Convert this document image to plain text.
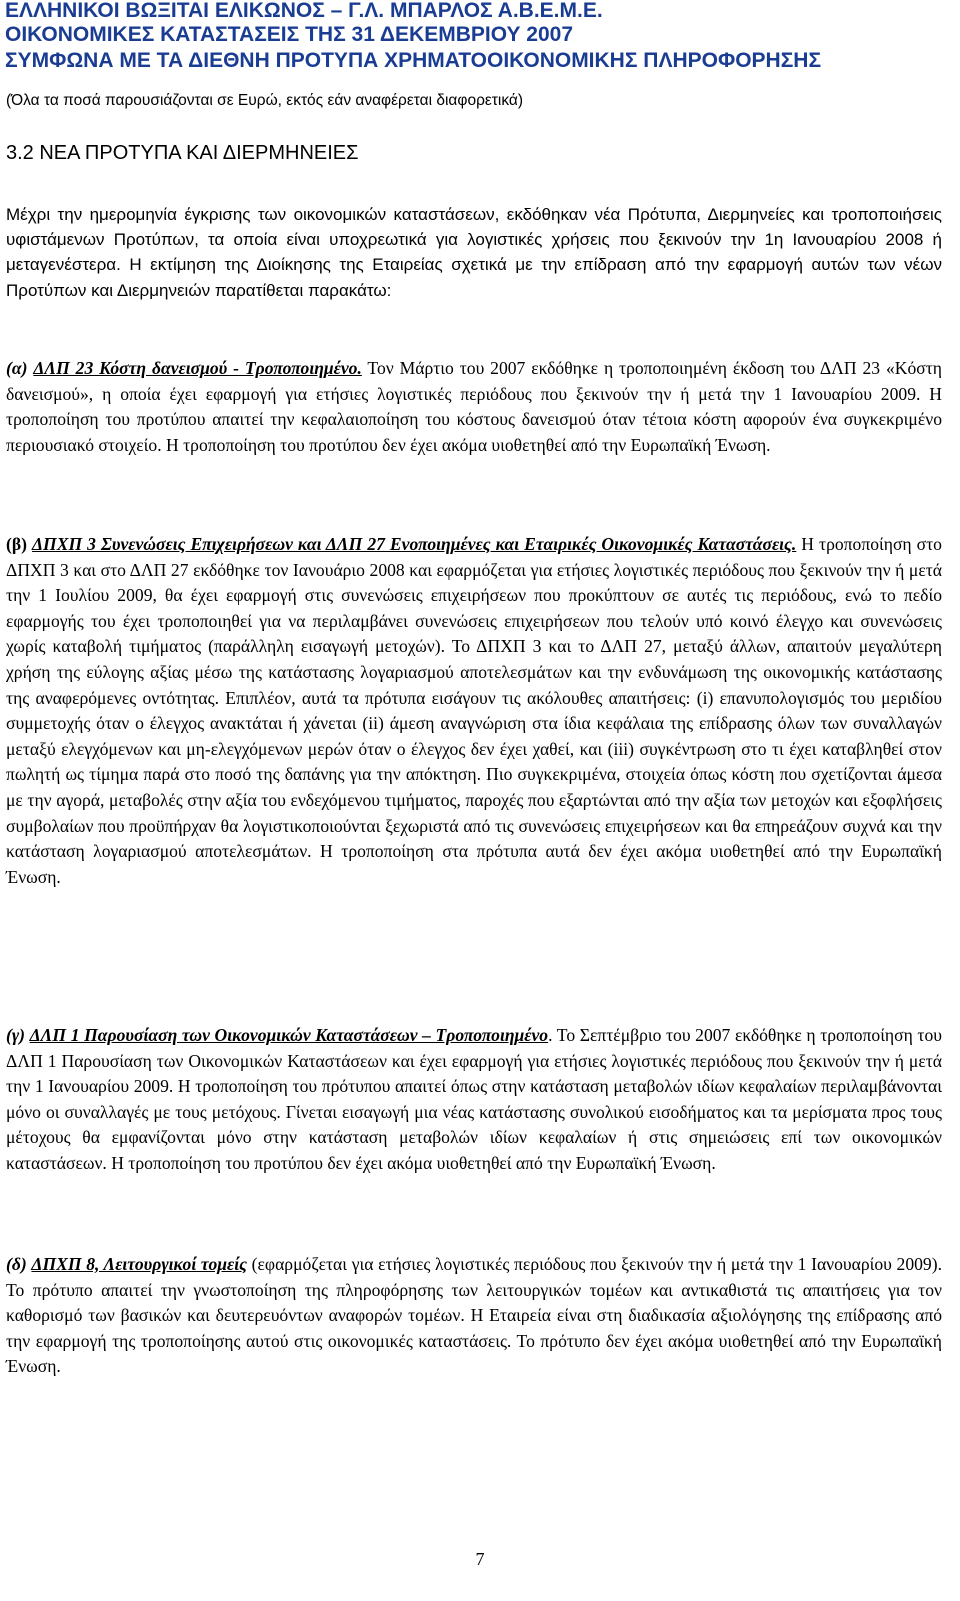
ΕΛΛΗΝΙΚΟΙ ΒΩΞΙΤΑΙ ΕΛΙΚΩΝΟΣ – Γ.Λ. ΜΠΑΡΛΟΣ Α.Β.Ε.Μ.Ε.
ΟΙΚΟΝΟΜΙΚΕΣ ΚΑΤΑΣΤΑΣΕΙΣ ΤΗΣ 31 ΔΕΚΕΜΒΡΙΟΥ 2007
ΣΥΜΦΩΝΑ ΜΕ ΤΑ ΔΙΕΘΝΗ ΠΡΟΤΥΠΑ ΧΡΗΜΑΤΟΟΙΚΟΝΟΜΙΚΗΣ ΠΛΗΡΟΦΟΡΗΣΗΣ
(Όλα τα ποσά παρουσιάζονται σε Ευρώ, εκτός εάν αναφέρεται διαφορετικά)
3.2 ΝΕΑ ΠΡΟΤΥΠΑ ΚΑΙ ΔΙΕΡΜΗΝΕΙΕΣ
Μέχρι την ημερομηνία έγκρισης των οικονομικών καταστάσεων, εκδόθηκαν νέα Πρότυπα, Διερμηνείες και τροποποιήσεις υφιστάμενων Προτύπων, τα οποία είναι υποχρεωτικά για λογιστικές χρήσεις που ξεκινούν την 1η Ιανουαρίου 2008 ή μεταγενέστερα. Η εκτίμηση της Διοίκησης της Εταιρείας σχετικά με την επίδραση από την εφαρμογή αυτών των νέων Προτύπων και Διερμηνειών παρατίθεται παρακάτω:
(α) ΔΛΠ 23 Κόστη δανεισμού - Τροποποιημένο. Τον Μάρτιο του 2007 εκδόθηκε η τροποποιημένη έκδοση του ΔΛΠ 23 «Κόστη δανεισμού», η οποία έχει εφαρμογή για ετήσιες λογιστικές περιόδους που ξεκινούν την ή μετά την 1 Ιανουαρίου 2009. Η τροποποίηση του προτύπου απαιτεί την κεφαλαιοποίηση του κόστους δανεισμού όταν τέτοια κόστη αφορούν ένα συγκεκριμένο περιουσιακό στοιχείο. Η τροποποίηση του προτύπου δεν έχει ακόμα υιοθετηθεί από την Ευρωπαϊκή Ένωση.
(β) ΔΠΧΠ 3 Συνενώσεις Επιχειρήσεων και ΔΛΠ 27 Ενοποιημένες και Εταιρικές Οικονομικές Καταστάσεις. Η τροποποίηση στο ΔΠΧΠ 3 και στο ΔΛΠ 27 εκδόθηκε τον Ιανουάριο 2008 και εφαρμόζεται για ετήσιες λογιστικές περιόδους που ξεκινούν την ή μετά την 1 Ιουλίου 2009, θα έχει εφαρμογή στις συνενώσεις επιχειρήσεων που προκύπτουν σε αυτές τις περιόδους, ενώ το πεδίο εφαρμογής του έχει τροποποιηθεί για να περιλαμβάνει συνενώσεις επιχειρήσεων που τελούν υπό κοινό έλεγχο και συνενώσεις χωρίς καταβολή τιμήματος (παράλληλη εισαγωγή μετοχών). Το ΔΠΧΠ 3 και το ΔΛΠ 27, μεταξύ άλλων, απαιτούν μεγαλύτερη χρήση της εύλογης αξίας μέσω της κατάστασης λογαριασμού αποτελεσμάτων και την ενδυνάμωση της οικονομικής κατάστασης της αναφερόμενες οντότητας. Επιπλέον, αυτά τα πρότυπα εισάγουν τις ακόλουθες απαιτήσεις: (i) επανυπολογισμός του μεριδίου συμμετοχής όταν ο έλεγχος ανακτάται ή χάνεται (ii) άμεση αναγνώριση στα ίδια κεφάλαια της επίδρασης όλων των συναλλαγών μεταξύ ελεγχόμενων και μη-ελεγχόμενων μερών όταν ο έλεγχος δεν έχει χαθεί, και (iii) συγκέντρωση στο τι έχει καταβληθεί στον πωλητή ως τίμημα παρά στο ποσό της δαπάνης για την απόκτηση. Πιο συγκεκριμένα, στοιχεία όπως κόστη που σχετίζονται άμεσα με την αγορά, μεταβολές στην αξία του ενδεχόμενου τιμήματος, παροχές που εξαρτώνται από την αξία των μετοχών και εξοφλήσεις συμβολαίων που προϋπήρχαν θα λογιστικοποιούνται ξεχωριστά από τις συνενώσεις επιχειρήσεων και θα επηρεάζουν συχνά και την κατάσταση λογαριασμού αποτελεσμάτων. Η τροποποίηση στα πρότυπα αυτά δεν έχει ακόμα υιοθετηθεί από την Ευρωπαϊκή Ένωση.
(γ) ΔΛΠ 1 Παρουσίαση των Οικονομικών Καταστάσεων – Τροποποιημένο. Το Σεπτέμβριο του 2007 εκδόθηκε η τροποποίηση του ΔΛΠ 1 Παρουσίαση των Οικονομικών Καταστάσεων και έχει εφαρμογή για ετήσιες λογιστικές περιόδους που ξεκινούν την ή μετά την 1 Ιανουαρίου 2009. Η τροποποίηση του πρότυπου απαιτεί όπως στην κατάσταση μεταβολών ιδίων κεφαλαίων περιλαμβάνονται μόνο οι συναλλαγές με τους μετόχους. Γίνεται εισαγωγή μια νέας κατάστασης συνολικού εισοδήματος και τα μερίσματα προς τους μέτοχους θα εμφανίζονται μόνο στην κατάσταση μεταβολών ιδίων κεφαλαίων ή στις σημειώσεις επί των οικονομικών καταστάσεων. Η τροποποίηση του προτύπου δεν έχει ακόμα υιοθετηθεί από την Ευρωπαϊκή Ένωση.
(δ) ΔΠΧΠ 8, Λειτουργικοί τομείς (εφαρμόζεται για ετήσιες λογιστικές περιόδους που ξεκινούν την ή μετά την 1 Ιανουαρίου 2009). Το πρότυπο απαιτεί την γνωστοποίηση της πληροφόρησης των λειτουργικών τομέων και αντικαθιστά τις απαιτήσεις για τον καθορισμό των βασικών και δευτερευόντων αναφορών τομέων. Η Εταιρεία είναι στη διαδικασία αξιολόγησης της επίδρασης από την εφαρμογή της τροποποίησης αυτού στις οικονομικές καταστάσεις. Το πρότυπο δεν έχει ακόμα υιοθετηθεί από την Ευρωπαϊκή Ένωση.
7
